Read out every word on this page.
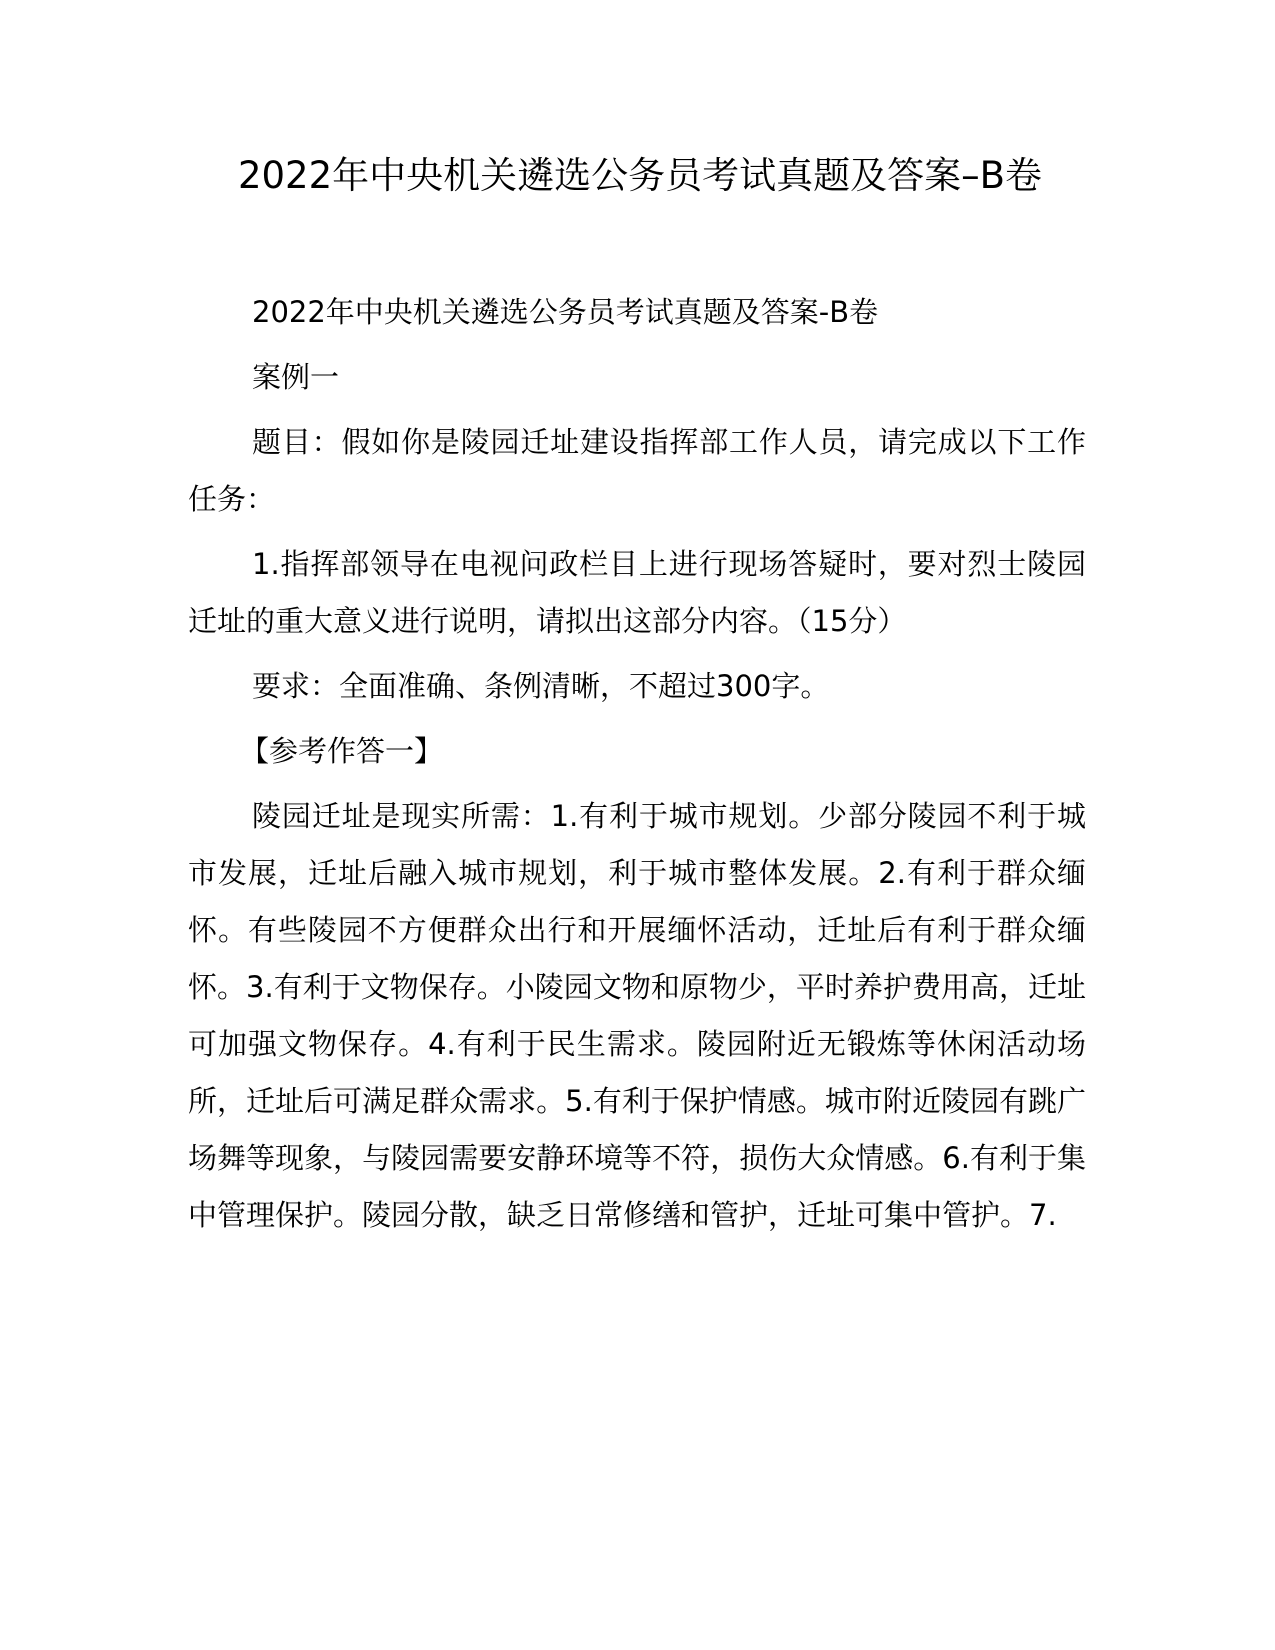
2022年中央机关遴选公务员考试真题及答案–B卷

2022年中央机关遴选公务员考试真题及答案-B卷

案例一

题目：假如你是陵园迁址建设指挥部工作人员，请完成以下工作任务：

1.指挥部领导在电视问政栏目上进行现场答疑时，要对烈士陵园迁址的重大意义进行说明，请拟出这部分内容。（15分）

要求：全面准确、条例清晰，不超过300字。

【参考作答一】

陵园迁址是现实所需：1.有利于城市规划。少部分陵园不利于城市发展，迁址后融入城市规划，利于城市整体发展。2.有利于群众缅怀。有些陵园不方便群众出行和开展缅怀活动，迁址后有利于群众缅怀。3.有利于文物保存。小陵园文物和原物少，平时养护费用高，迁址可加强文物保存。4.有利于民生需求。陵园附近无锻炼等休闲活动场所，迁址后可满足群众需求。5.有利于保护情感。城市附近陵园有跳广场舞等现象，与陵园需要安静环境等不符，损伤大众情感。6.有利于集中管理保护。陵园分散，缺乏日常修缮和管护，迁址可集中管护。7.
